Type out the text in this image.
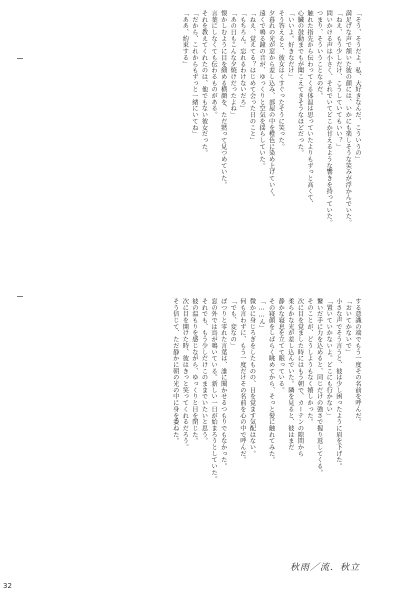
「そう、そうだよ。私、大好きなんだ、こういうの」
満足げな声で頷いた彼の顔には、いかにも楽しそうな笑みが浮かんでいた。
「ねえ、もう少しだけ、こうしていてもいい？」
問いかける声は小さく、それでいてどこか甘えるような響きを持っていた。
つまり、そういうことなのだ。
触れた指先から伝わってくる体温は思っていたよりもずっと高くて、
心臓の鼓動までもが聞こえてきそうなほどだった。
「いいよ。好きなだけ」
そう答えると、彼女はくすぐったそうに笑った。
夕暮れの光が窓から差し込み、部屋の中を橙色に染め上げていく。
遠くで鳴る鐘の音が、ゆっくりと空気を揺らしていた。
「ねえ、覚えてる？はじめて会った日のこと」
「もちろん。忘れるわけないだろ」
「あの日もこんな夕焼けだったよね」
懐かしむように目を細める横顔を、ただ黙って見つめていた。
言葉にしなくても伝わるものがある。
それを教えてくれたのは、他でもない彼女だった。
「だから、これからもずっと一緒にいてね」
「ああ、約束する」
する意識の端でもう一度その名前を呼んだ。
「おいてかないで」
小さな声でそう言うと、彼は少し困ったように眉を下げた。
「置いていかないよ。どこにも行かない」
繋いだ手に力を込めると、同じだけの強さで握り返してくる。
そのことが、どうしようもなく嬉しかった。
次に目を覚ました時にはもう朝で、カーテンの隙間から
柔らかな光が差し込んでいた。隣を見ると、彼はまだ
静かな寝息を立てて眠っている。
その寝顔をしばらく眺めてから、そっと髪に触れてみた。
「……ん」
微かに身じろぎをしたものの、目を覚ます気配はない。
何も言わずに、もう一度だけその名前を心の中で呼んだ。
「でも、変なの」
ぽつりと零れた言葉は、誰に聞かせるつもりでもなかった。
窓の外では鳥が鳴いている。新しい一日が始まろうとしていた。
それでも、もう少しだけこのままでいたいと思う。
彼の温もりを感じながら、ゆっくりと目を閉じた。
次に目を開けた時、彼はきっと笑ってくれるだろう。
そう信じて、ただ静かに朝の光の中に身を委ねた。
秋雨／流．秋立
32
